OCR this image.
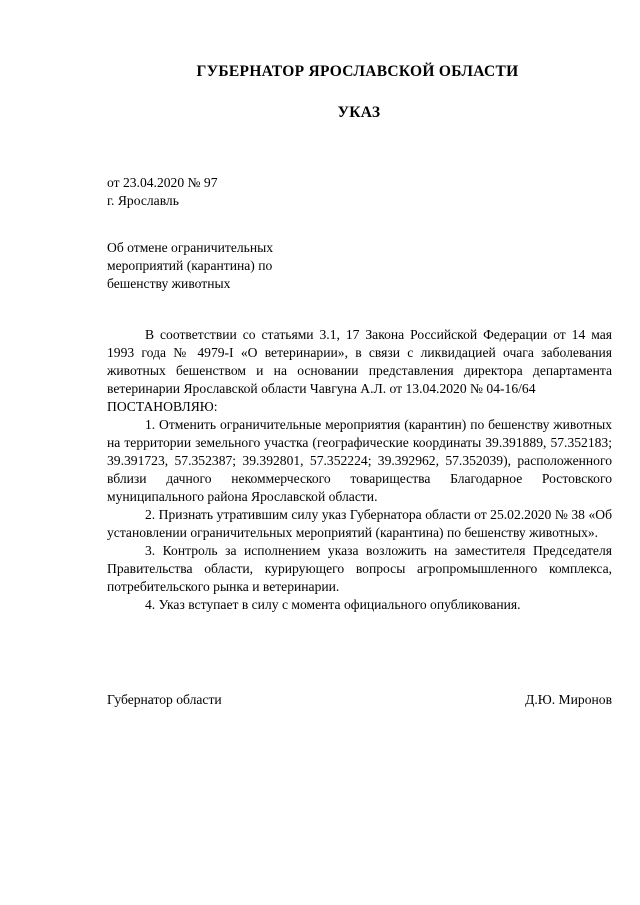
ГУБЕРНАТОР ЯРОСЛАВСКОЙ ОБЛАСТИ
УКАЗ
от 23.04.2020 № 97
г. Ярославль
Об отмене ограничительных
мероприятий (карантина) по
бешенству животных

В соответствии со статьями 3.1, 17 Закона Российской Федерации от 14 мая 1993 года № 4979-I «О ветеринарии», в связи с ликвидацией очага заболевания животных бешенством и на основании представления директора департамента ветеринарии Ярославской области Чавгуна А.Л. от 13.04.2020 № 04-16/64

ПОСТАНОВЛЯЮ:

1. Отменить ограничительные мероприятия (карантин) по бешенству животных на территории земельного участка (географические координаты 39.391889, 57.352183; 39.391723, 57.352387; 39.392801, 57.352224; 39.392962, 57.352039), расположенного вблизи дачного некоммерческого товарищества Благодарное Ростовского муниципального района Ярославской области.

2. Признать утратившим силу указ Губернатора области от 25.02.2020 № 38 «Об установлении ограничительных мероприятий (карантина) по бешенству животных».

3. Контроль за исполнением указа возложить на заместителя Председателя Правительства области, курирующего вопросы агропромышленного комплекса, потребительского рынка и ветеринарии.

4. Указ вступает в силу с момента официального опубликования.

Губернатор области	Д.Ю. Миронов
